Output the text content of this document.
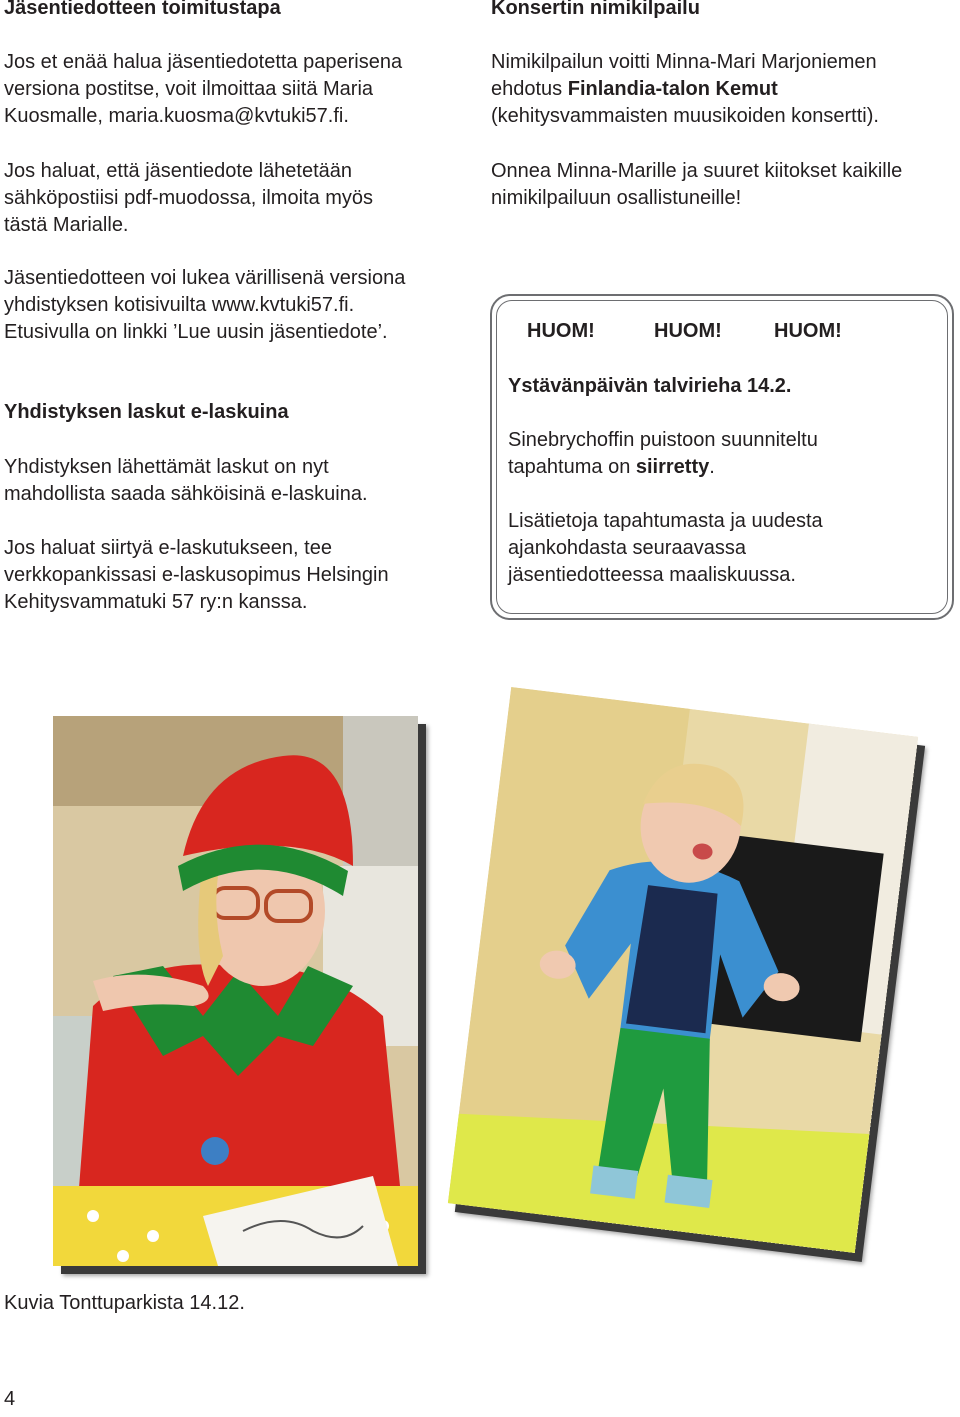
Jäsentiedotteen toimitustapa

Jos et enää halua jäsentiedotetta paperisena

versiona postitse, voit ilmoittaa siitä Maria

Kuosmalle, maria.kuosma@kvtuki57.fi.

Jos haluat, että jäsentiedote lähetetään

sähköpostiisi pdf-muodossa, ilmoita myös

tästä Marialle.

Jäsentiedotteen voi lukea värillisenä versiona

yhdistyksen kotisivuilta www.kvtuki57.fi.

Etusivulla on linkki ’Lue uusin jäsentiedote’.

Yhdistyksen laskut e-laskuina

Yhdistyksen lähettämät laskut on nyt

mahdollista saada sähköisinä e-laskuina.

Jos haluat siirtyä e-laskutukseen, tee

verkkopankissasi e-laskusopimus Helsingin

Kehitysvammatuki 57 ry:n kanssa.

Konsertin nimikilpailu

Nimikilpailun voitti Minna-Mari Marjoniemen

ehdotus Finlandia-talon Kemut

(kehitysvammaisten muusikoiden konsertti).

Onnea Minna-Marille ja suuret kiitokset kaikille

nimikilpailuun osallistuneille!

HUOM!	HUOM!	HUOM!
Ystävänpäivän talvirieha 14.2.

Sinebrychoffin puistoon suunniteltu

tapahtuma on siirretty.

Lisätietoja tapahtumasta ja uudesta

ajankohdasta seuraavassa

jäsentiedotteessa maaliskuussa.

Kuvia Tonttuparkista 14.12.

4
